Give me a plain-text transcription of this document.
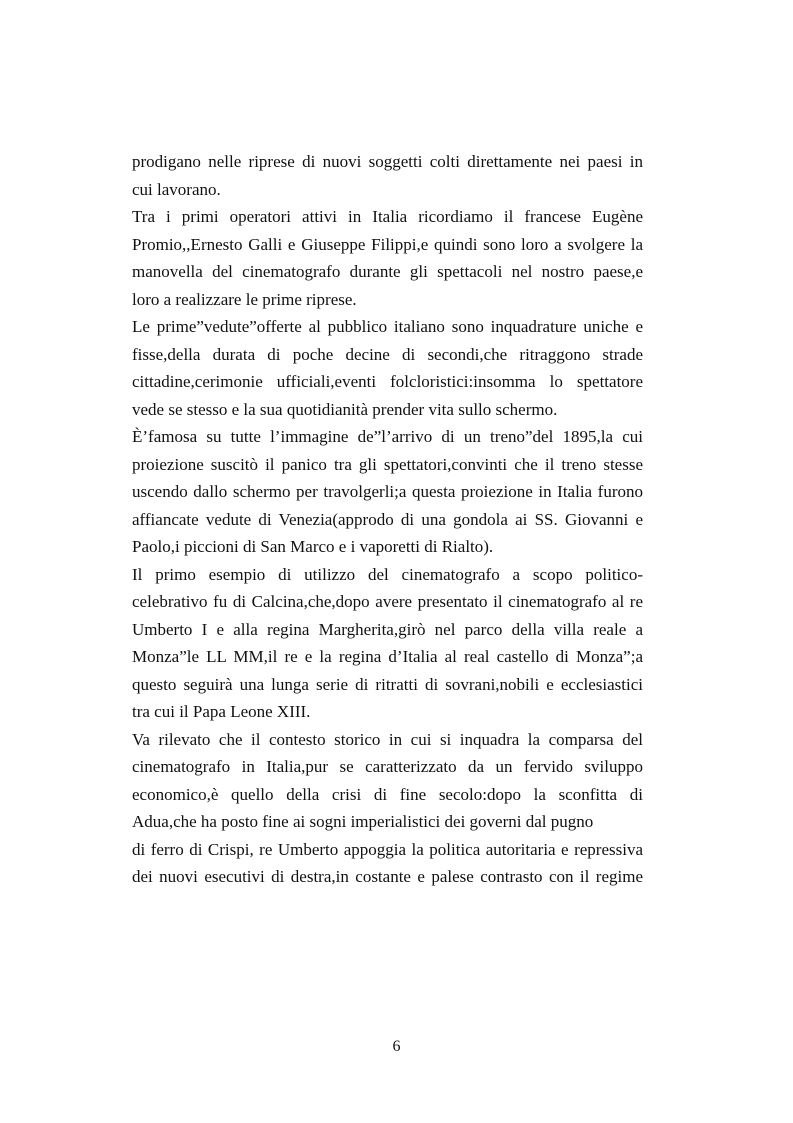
prodigano nelle riprese di nuovi soggetti colti direttamente nei paesi in
cui lavorano.
Tra i primi operatori attivi in Italia ricordiamo il francese Eugène
Promio,,Ernesto Galli e Giuseppe Filippi,e quindi sono loro a svolgere la
manovella del cinematografo durante gli spettacoli nel nostro paese,e
loro a realizzare le prime riprese.
Le prime”vedute”offerte al pubblico italiano sono inquadrature uniche e
fisse,della durata di poche decine di secondi,che ritraggono strade
cittadine,cerimonie ufficiali,eventi folcloristici:insomma lo spettatore
vede se stesso e la sua quotidianità prender vita sullo schermo.
È’famosa su tutte l’immagine de”l’arrivo di un treno”del 1895,la cui
proiezione suscitò il panico tra gli spettatori,convinti che il treno stesse
uscendo dallo schermo per travolgerli;a questa proiezione in Italia furono
affiancate vedute di Venezia(approdo di una gondola ai SS. Giovanni e
Paolo,i piccioni di San Marco e i vaporetti di Rialto).
Il primo esempio di utilizzo del cinematografo a scopo politico-
celebrativo fu di Calcina,che,dopo avere presentato il cinematografo al re
Umberto I e alla regina Margherita,girò nel parco della villa reale a
Monza”le LL MM,il re e la regina d’Italia al real castello di Monza”;a
questo seguirà una lunga serie di ritratti di sovrani,nobili e ecclesiastici
tra cui il Papa Leone XIII.
Va rilevato che il contesto storico in cui si inquadra la comparsa del
cinematografo in Italia,pur se caratterizzato da un fervido sviluppo
economico,è quello della crisi di fine secolo:dopo la sconfitta di
Adua,che ha posto fine ai sogni imperialistici dei governi dal pugno
di ferro di Crispi, re Umberto appoggia la politica autoritaria e repressiva
dei nuovi esecutivi di destra,in costante e palese contrasto con il regime
6
